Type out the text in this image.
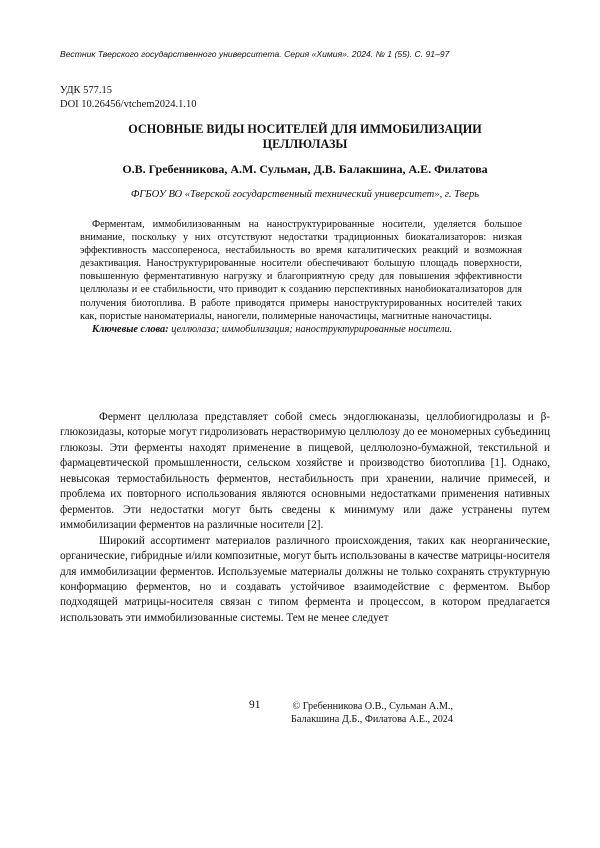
Вестник Тверского государственного университета. Серия «Химия». 2024. № 1 (55). С. 91–97
УДК 577.15
DOI 10.26456/vtchem2024.1.10
ОСНОВНЫЕ ВИДЫ НОСИТЕЛЕЙ ДЛЯ ИММОБИЛИЗАЦИИ
ЦЕЛЛЮЛАЗЫ
О.В. Гребенникова, А.М. Сульман, Д.В. Балакшина, А.Е. Филатова
ФГБОУ ВО «Тверской государственный технический университет», г. Тверь

Ферментам, иммобилизованным на наноструктурированные носители, уделяется большое внимание, поскольку у них отсутствуют недостатки традиционных биокатализаторов: низкая эффективность массопереноса, нестабильность во время каталитических реакций и возможная дезактивация. Наноструктурированные носители обеспечивают большую площадь поверхности, повышенную ферментативную нагрузку и благоприятную среду для повышения эффективности целлюлазы и ее стабильности, что приводит к созданию перспективных нанобиокатализаторов для получения биотоплива. В работе приводятся примеры наноструктурированных носителей таких как, пористые наноматериалы, наногели, полимерные наночастицы, магнитные наночастицы.

Ключевые слова: целлюлаза; иммобилизация; наноструктурированные носители.

Фермент целлюлаза представляет собой смесь эндоглюканазы, целлобиогидролазы и β-глюкозидазы, которые могут гидролизовать нерастворимую целлюлозу до ее мономерных субъединиц глюкозы. Эти ферменты находят применение в пищевой, целлюлозно-бумажной, текстильной и фармацевтической промышленности, сельском хозяйстве и производство биотоплива [1]. Однако, невысокая термостабильность ферментов, нестабильность при хранении, наличие примесей, и проблема их повторного использования являются основными недостатками применения нативных ферментов. Эти недостатки могут быть сведены к минимуму или даже устранены путем иммобилизации ферментов на различные носители [2].

Широкий ассортимент материалов различного происхождения, таких как неорганические, органические, гибридные и/или композитные, могут быть использованы в качестве матрицы-носителя для иммобилизации ферментов. Используемые материалы должны не только сохранять структурную конформацию ферментов, но и создавать устойчивое взаимодействие с ферментом. Выбор подходящей матрицы-носителя связан с типом фермента и процессом, в котором предлагается использовать эти иммобилизованные системы. Тем не менее следует

91	© Гребенникова О.В., Сульман А.М.,
Балакшина Д.Б., Филатова А.Е., 2024
